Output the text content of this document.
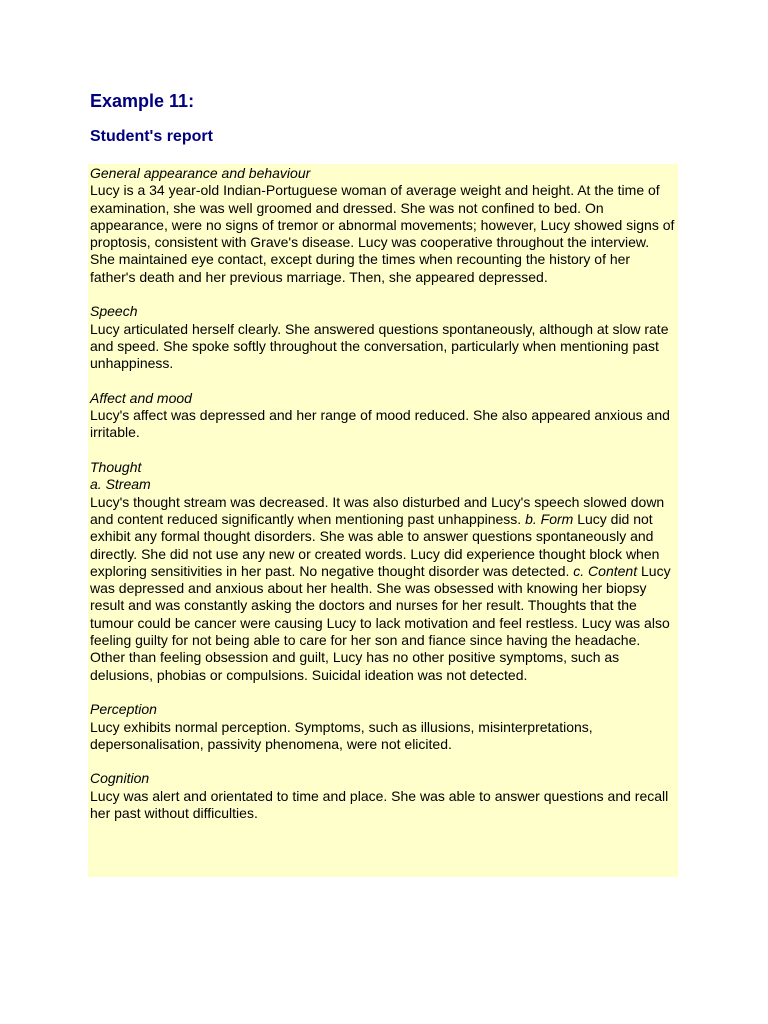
Example 11:
Student's report
General appearance and behaviour
Lucy is a 34 year-old Indian-Portuguese woman of average weight and height. At the time of examination, she was well groomed and dressed. She was not confined to bed. On appearance, were no signs of tremor or abnormal movements; however, Lucy showed signs of proptosis, consistent with Grave's disease. Lucy was cooperative throughout the interview. She maintained eye contact, except during the times when recounting the history of her father's death and her previous marriage. Then, she appeared depressed.
Speech
Lucy articulated herself clearly. She answered questions spontaneously, although at slow rate and speed. She spoke softly throughout the conversation, particularly when mentioning past unhappiness.
Affect and mood
Lucy's affect was depressed and her range of mood reduced. She also appeared anxious and irritable.
Thought
a. Stream
Lucy's thought stream was decreased. It was also disturbed and Lucy's speech slowed down and content reduced significantly when mentioning past unhappiness. b. Form Lucy did not exhibit any formal thought disorders. She was able to answer questions spontaneously and directly. She did not use any new or created words. Lucy did experience thought block when exploring sensitivities in her past. No negative thought disorder was detected. c. Content Lucy was depressed and anxious about her health. She was obsessed with knowing her biopsy result and was constantly asking the doctors and nurses for her result. Thoughts that the tumour could be cancer were causing Lucy to lack motivation and feel restless. Lucy was also feeling guilty for not being able to care for her son and fiance since having the headache. Other than feeling obsession and guilt, Lucy has no other positive symptoms, such as delusions, phobias or compulsions. Suicidal ideation was not detected.
Perception
Lucy exhibits normal perception. Symptoms, such as illusions, misinterpretations, depersonalisation, passivity phenomena, were not elicited.
Cognition
Lucy was alert and orientated to time and place. She was able to answer questions and recall her past without difficulties.
